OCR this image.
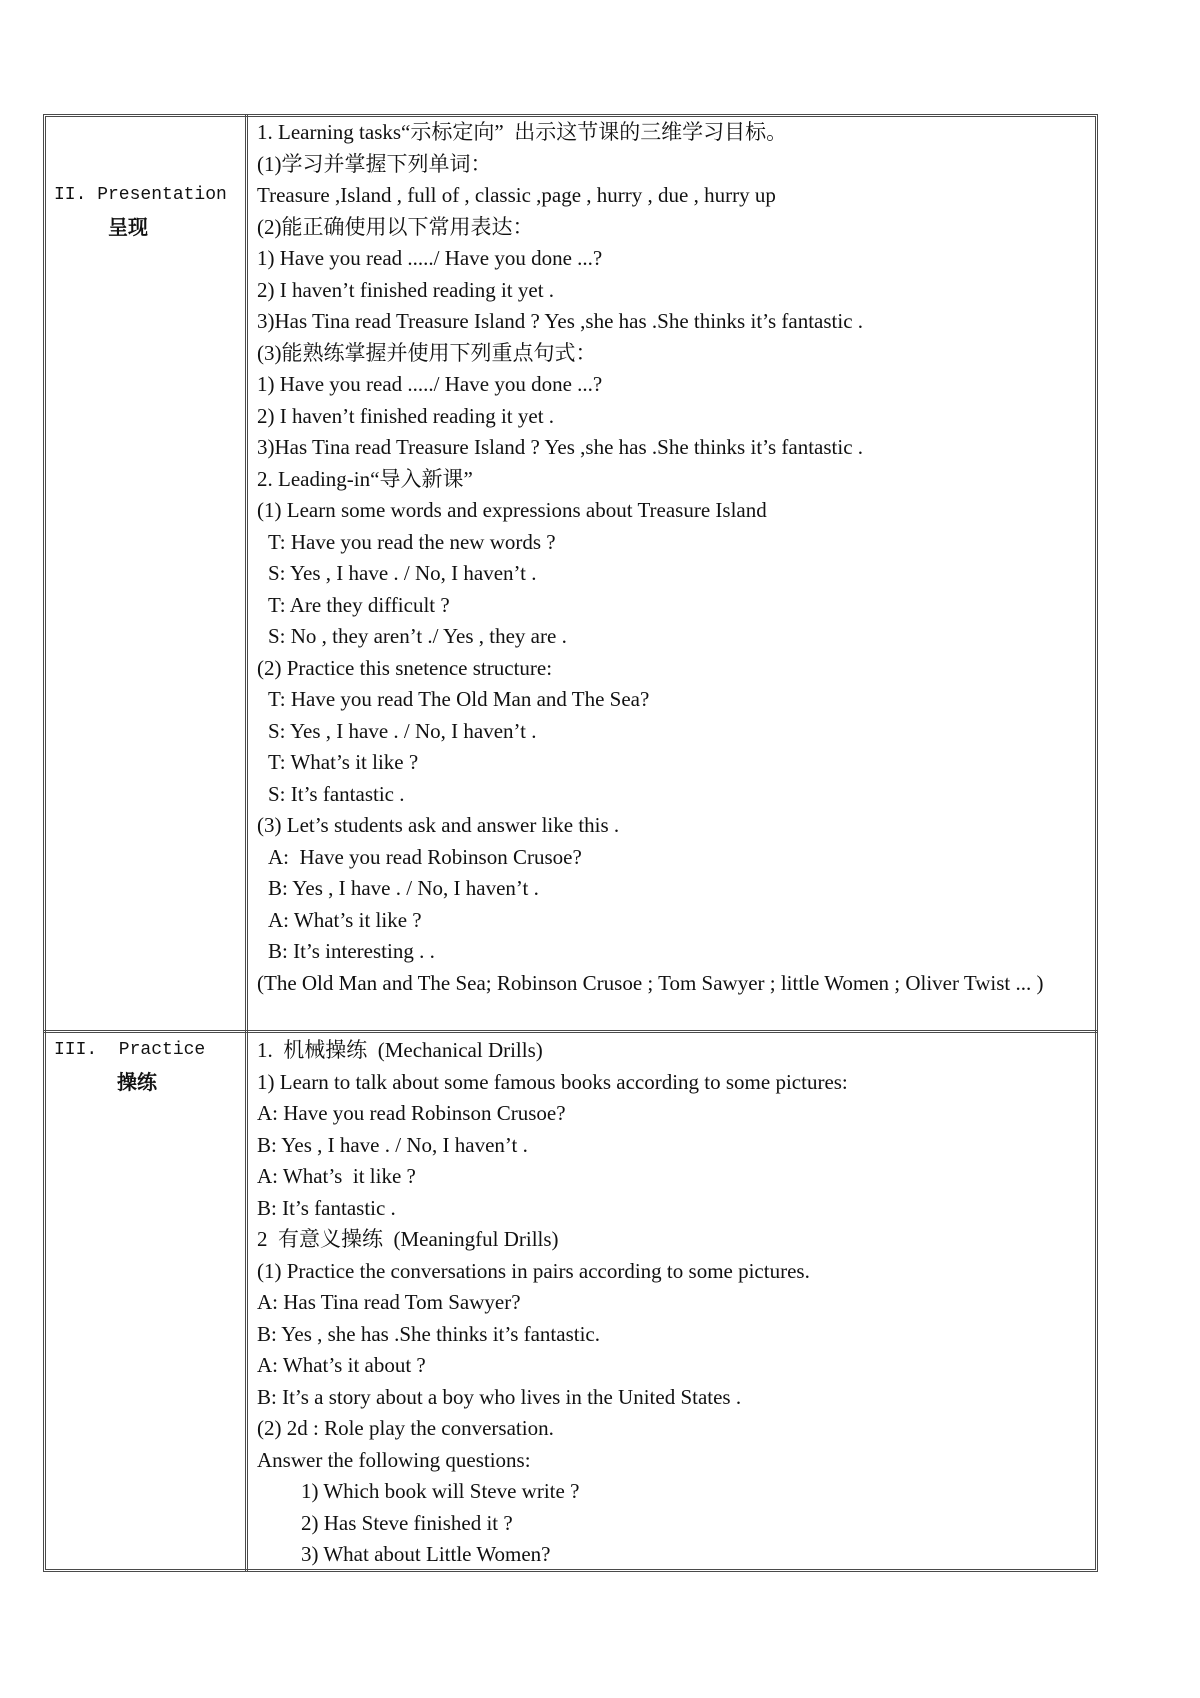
II. Presentation
呈现
1. Learning tasks“示标定向”  出示这节课的三维学习目标。
(1)学习并掌握下列单词：
Treasure ,Island , full of , classic ,page , hurry , due , hurry up
(2)能正确使用以下常用表达：
1) Have you read ...../ Have you done ...?
2) I haven’t finished reading it yet .
3)Has Tina read Treasure Island ? Yes ,she has .She thinks it’s fantastic .
(3)能熟练掌握并使用下列重点句式：
1) Have you read ...../ Have you done ...?
2) I haven’t finished reading it yet .
3)Has Tina read Treasure Island ? Yes ,she has .She thinks it’s fantastic .
2. Leading-in“导入新课”
(1) Learn some words and expressions about Treasure Island
T: Have you read the new words ?
S: Yes , I have . / No, I haven’t .
T: Are they difficult ?
S: No , they aren’t ./ Yes , they are .
(2) Practice this snetence structure:
T: Have you read The Old Man and The Sea?
S: Yes , I have . / No, I haven’t .
T: What’s it like ?
S: It’s fantastic .
(3) Let’s students ask and answer like this .
A:  Have you read Robinson Crusoe?
B: Yes , I have . / No, I haven’t .
A: What’s it like ?
B: It’s interesting . .
(The Old Man and The Sea; Robinson Crusoe ; Tom Sawyer ; little Women ; Oliver Twist ... )
III.  Practice
操练
1.  机械操练  (Mechanical Drills)
1) Learn to talk about some famous books according to some pictures:
A: Have you read Robinson Crusoe?
B: Yes , I have . / No, I haven’t .
A: What’s  it like ?
B: It’s fantastic .
2  有意义操练  (Meaningful Drills)
(1) Practice the conversations in pairs according to some pictures.
A: Has Tina read Tom Sawyer?
B: Yes , she has .She thinks it’s fantastic.
A: What’s it about ?
B: It’s a story about a boy who lives in the United States .
(2) 2d : Role play the conversation.
Answer the following questions:
1) Which book will Steve write ?
2) Has Steve finished it ?
3) What about Little Women?
